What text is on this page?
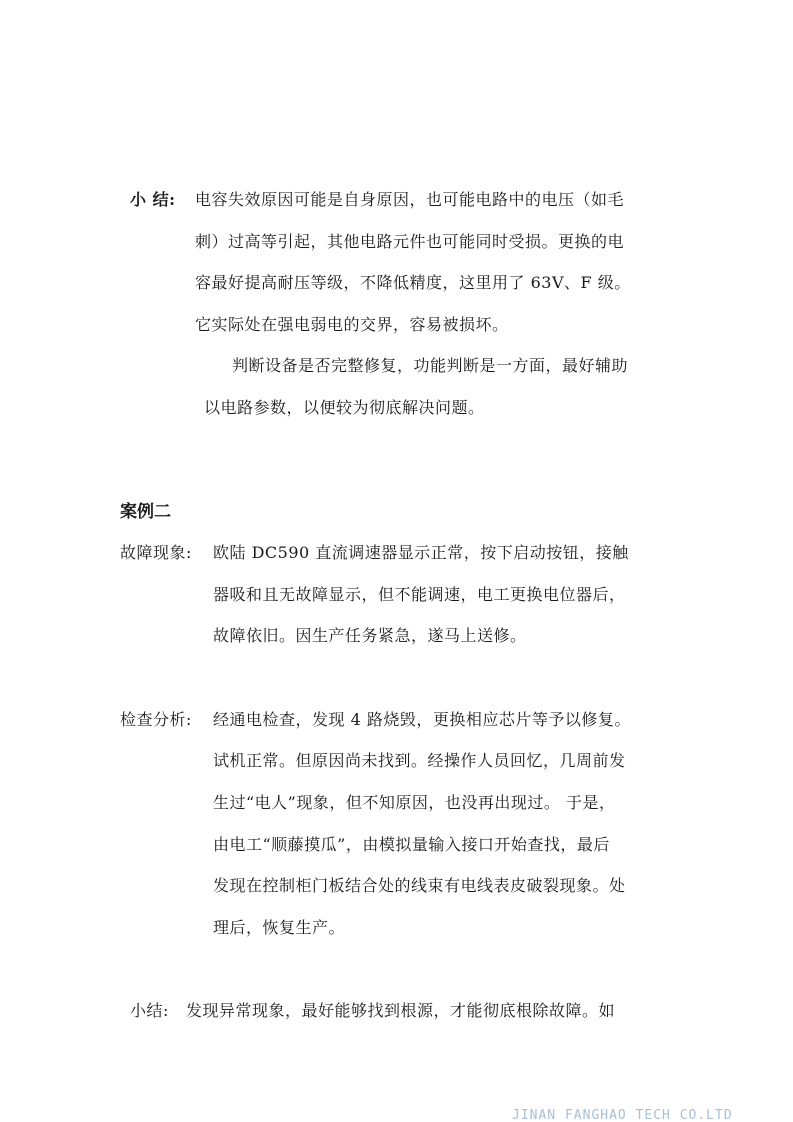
小 结: 电容失效原因可能是自身原因，也可能电路中的电压（如毛
刺）过高等引起，其他电路元件也可能同时受损。更换的电
容最好提高耐压等级，不降低精度，这里用了 63V、F 级。
它实际处在强电弱电的交界，容易被损坏。
判断设备是否完整修复，功能判断是一方面，最好辅助
以电路参数，以便较为彻底解决问题。
案例二
故障现象: 欧陆 DC590 直流调速器显示正常，按下启动按钮，接触
器吸和且无故障显示，但不能调速，电工更换电位器后，
故障依旧。因生产任务紧急，遂马上送修。
检查分析: 经通电检查，发现 4 路烧毁，更换相应芯片等予以修复。
试机正常。但原因尚未找到。经操作人员回忆，几周前发
生过“电人”现象，但不知原因，也没再出现过。 于是，
由电工“顺藤摸瓜”，由模拟量输入接口开始查找，最后
发现在控制柜门板结合处的线束有电线表皮破裂现象。处
理后，恢复生产。
小结: 发现异常现象，最好能够找到根源，才能彻底根除故障。如
JINAN FANGHAO TECH CO.LTD
